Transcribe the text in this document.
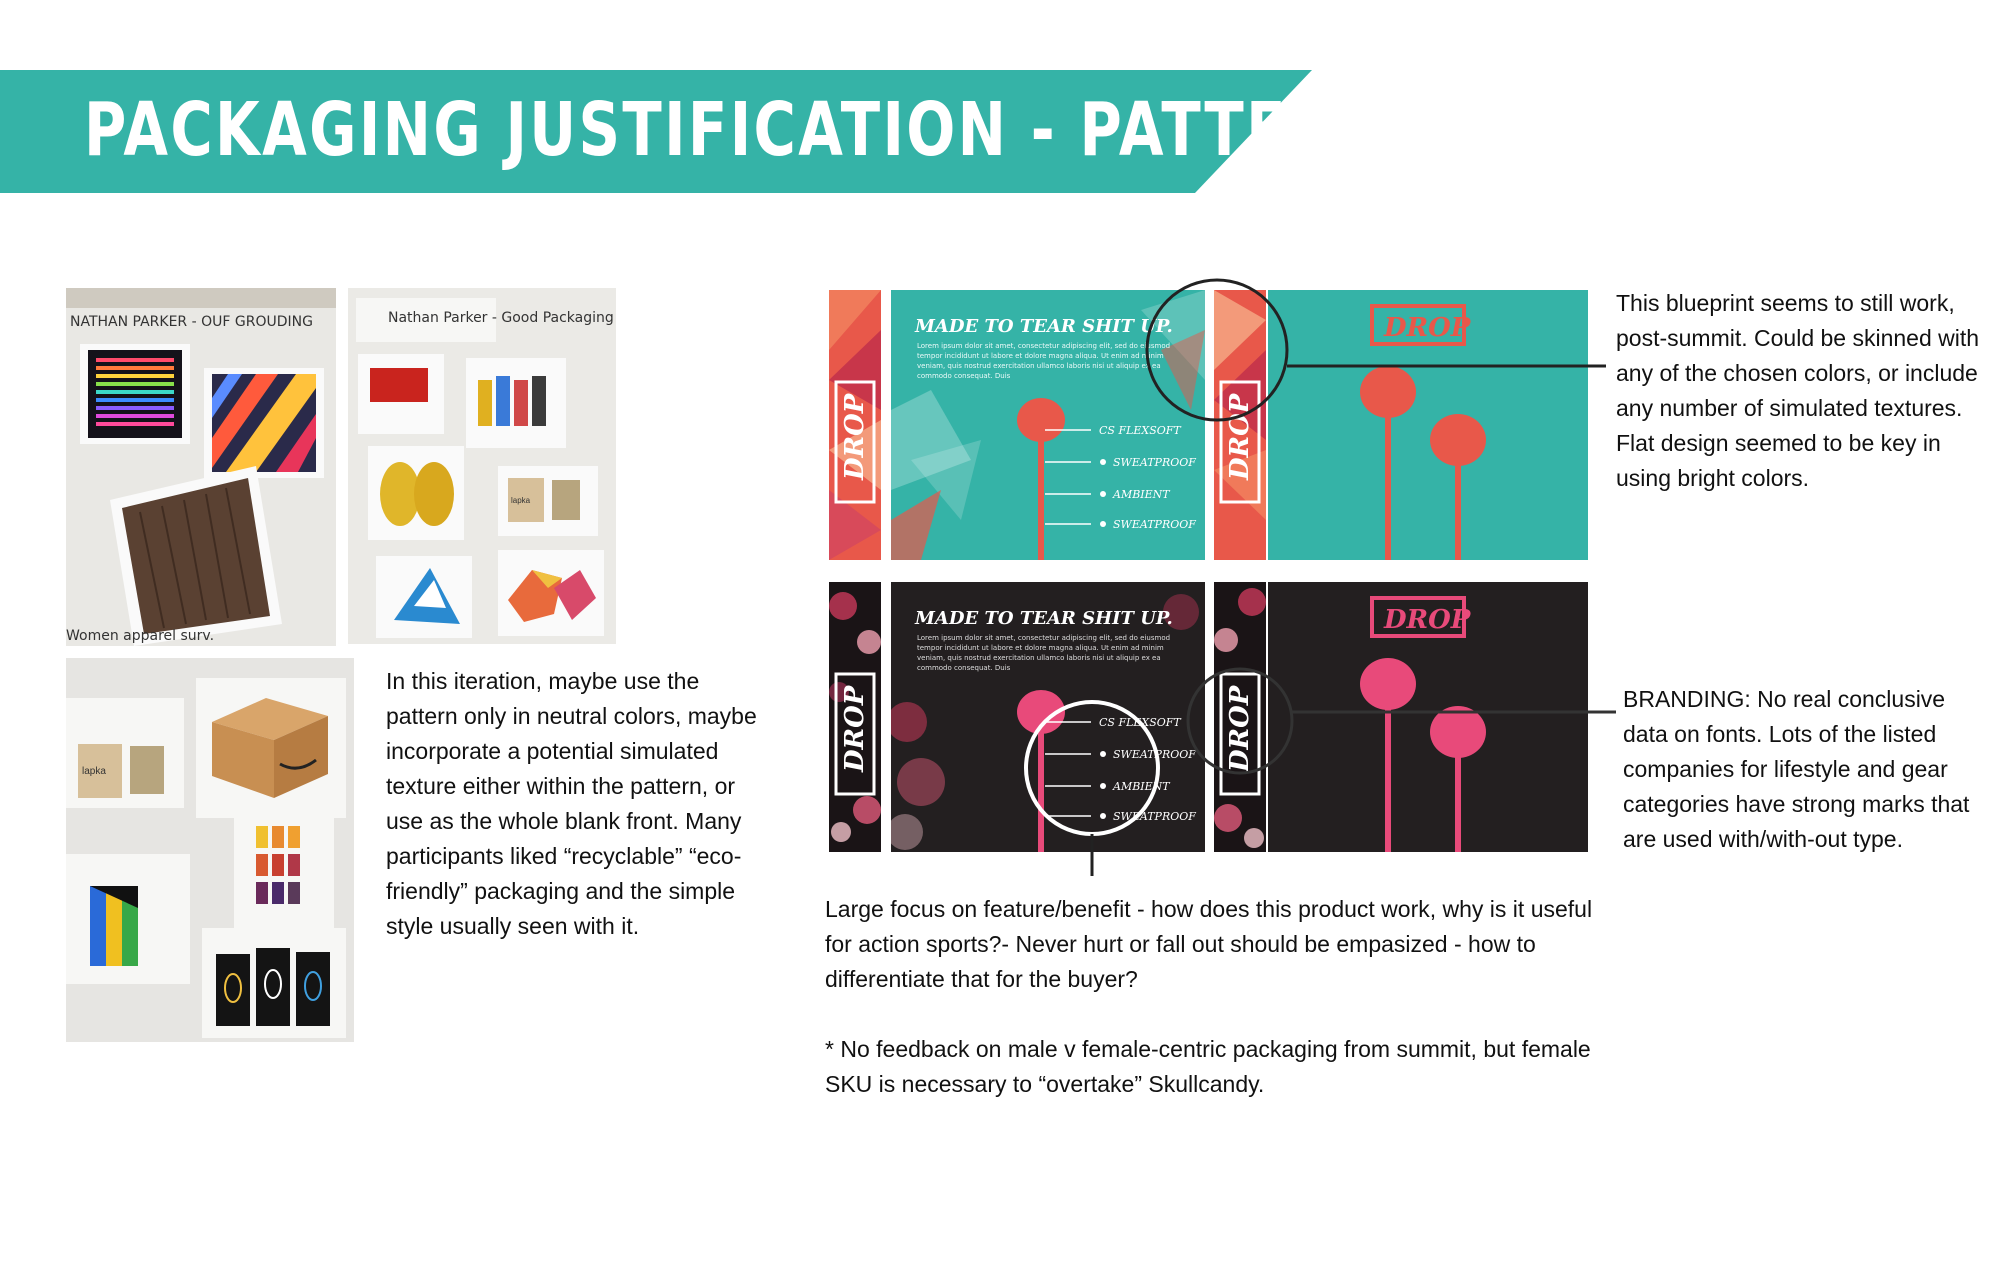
PACKAGING JUSTIFICATION - PATTERN
NATHAN PARKER - OUF GROUDING
Women apparel surv.
Nathan Parker - Good Packaging
lapka
lapka

In this iteration, maybe use the pattern only in neutral colors, maybe incorporate a potential simulated texture either within the pattern, or use as the whole blank front. Many participants liked “recyclable” “eco-friendly” packaging and the simple style usually seen with it.

DROP
MADE TO TEAR SHIT UP.
Lorem ipsum dolor sit amet, consectetur adipiscing elit, sed do eiusmod
tempor incididunt ut labore et dolore magna aliqua. Ut enim ad minim
veniam, quis nostrud exercitation ullamco laboris nisi ut aliquip ex ea
commodo consequat. Duis
CS FLEXSOFT
SWEATPROOF
AMBIENT
SWEATPROOF
DROP
DROP
DROP
MADE TO TEAR SHIT UP.
Lorem ipsum dolor sit amet, consectetur adipiscing elit, sed do eiusmod
tempor incididunt ut labore et dolore magna aliqua. Ut enim ad minim
veniam, quis nostrud exercitation ullamco laboris nisi ut aliquip ex ea
commodo consequat. Duis
CS FLEXSOFT
SWEATPROOF
AMBIENT
SWEATPROOF
DROP
DROP

This blueprint seems to still work, post-summit. Could be skinned with any of the chosen colors, or include any number of simulated textures. Flat design seemed to be key in using bright colors.

BRANDING: No real conclusive data on fonts. Lots of the listed companies for lifestyle and gear categories have strong marks that are used with/with-out type.

Large focus on feature/benefit - how does this product work, why is it useful for action sports?- Never hurt or fall out should be empasized - how to differentiate that for the buyer?

* No feedback on male v female-centric packaging from summit, but female SKU is necessary to “overtake” Skullcandy.
